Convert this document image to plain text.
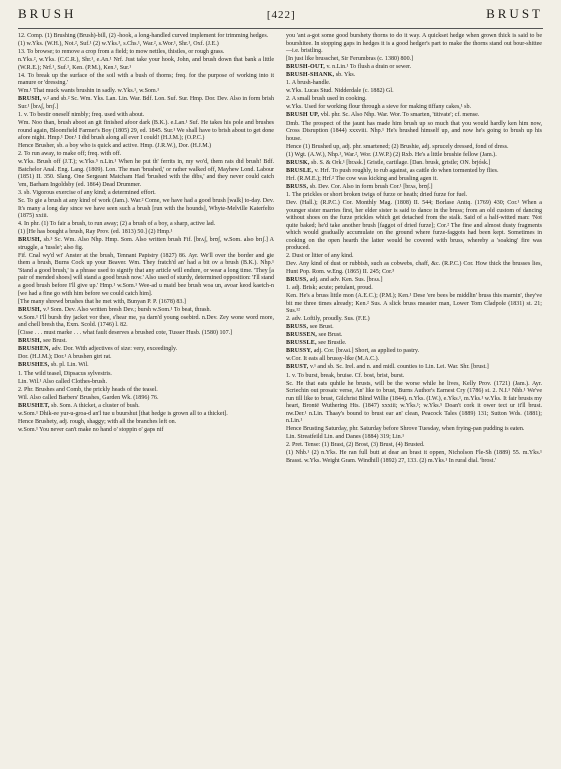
BRUSH	[422]	BRUST

12. Comp. (1) Brushing (Brush)-bill, (2) -hook, a long-handled curved implement for trimming hedges.

(1) w.Yks. (W.H.), Not.², Suf.¹ (2) w.Yks.³, s.Chs.¹, War.², s.Wor.¹, Shr.¹, Oxf. (J.E.)

13. To browse; to remove a crop from a field; to mow nettles, thistles, or rough grass.

n.Yks.², w.Yks. (C.C.R.), Shr.¹, e.An.¹ Nrf. Just take your hook, John, and brush down that bank a little (W.R.E.); Nrf.¹, Suf.¹, Ken. (P.M.), Ken.¹, Sur.¹

14. To break up the surface of the soil with a bush of thorns; freq. for the purpose of working into it manure or 'dressing.'

Wm.¹ That muck wants brushin in sadly. w.Yks.¹, w.Som.¹

BRUSH, v.² and sb.² Sc. Wm. Yks. Lan. Lin. War. Bdf. Lon. Suf. Sur. Hmp. Dor. Dev. Also in form brish Sur.¹ [brʌʃ, brɪʃ.]

1. v. To bestir oneself nimbly; freq. used with about.

Wm. Noo than, brush aboot an git finished afoor dark (B.K.). e.Lan.¹ Suf. He takes his pole and brushes round again, Bloomfield Farmer's Boy (1805) 29, ed. 1845. Sur.¹ We shall have to brish about to get done afore night. Hmp.¹ Dor.¹ I did brush along all ever I could! (H.J.M.); (O.P.C.)

Hence Brusher, sb. a boy who is quick and active. Hmp. (J.R.W.), Dor. (H.J.M.)

2. To run away, to make off; freq. with off.

w.Yks. Brush off (J.T.); w.Yks.⁵ n.Lin.¹ When he put th' ferrits in, my wo'd, them rats did brush! Bdf. Batchelor Anal. Eng. Lang. (1809). Lon. The man 'brushed,' or rather walked off, Mayhew Lond. Labour (1851) II. 350. Slang. One Sergeant Matcham Had 'brushed with the dibs,' and they never could catch 'em, Barham Ingoldsby (ed. 1864) Dead Drummer.

3. sb. Vigorous exercise of any kind; a determined effort.

Sc. To gie a brush at any kind of work (Jam.). War.² Come, we have had a good brush [walk] to-day. Dev. It's many a long day since we have seen such a brush [run with the hounds], Whyte-Melville Katerfelto (1875) xxiii.

4. In phr. (1) To fair a brush, to run away; (2) a brush of a boy, a sharp, active lad.

(1) [He has bought a brush, Ray Prov. (ed. 1813) 50.] (2) Hmp.¹

BRUSH, sb.³ Sc. Wm. Also Nhp. Hmp. Som. Also written brush Fif. [brʌʃ, brʊʃ, w.Som. also brɪʃ.] A struggle, a 'tussle'; also fig.

Fif. Cnal wy'd wi' Anster at the brush, Tennant Papistry (1827) 86. Ayr. We'll over the border and gie them a brush, Burns Cock up your Beaver. Wm. They fratch'd an' had a bit ov a brush (B.K.). Nhp.¹ 'Stand a good brush,' is a phrase used to signify that any article will endure, or wear a long time. 'They [a pair of mended shoes] will stand a good brush now.' Also used of sturdy, determined opposition: 'I'll stand a good brush before I'll give up.' Hmp.¹ w.Som.¹ Wee-ad u maid bee brush woa un, avoar keod kaetch-n [we had a fine go with him before we could catch him].

[The many shrewd brushes that he met with, Bunyan P. P. (1678) 83.]

BRUSH, v.³ Som. Dev. Also written bresh Dev.; bursh w.Som.¹ To beat, thrash.

w.Som.¹ I'll bursh thy jacket vor thee, s'hear me, ya darn'd young osebird. n.Dev. Zey wone word more, and chell bresh tha, Exm. Scold. (1746) l. 82.

[Cisse . . . must marke . . . what fault deserves a brushed cote, Tusser Husb. (1580) 107.]

BRUSH, see Brust.

BRUSHEN, adv. Dor. With adjectives of size: very, exceedingly.

Dor. (H.J.M.); Dor.¹ A brushen girt rat.

BRUSHES, sb. pl. Lin. Wil.

1. The wild teasel, Dipsacus sylvestris.

Lin. Wil.¹ Also called Clothes-brush.

2. Phr. Brushes and Comb, the prickly heads of the teasel.

Wil. Also called Barbers' Brushes, Garden Wk. (1896) 76.

BRUSHET, sb. Som. A thicket, a cluster of bush.

w.Som.¹ Dhik-ee yur-u-groa-d an'l tue u buurshut [that hedge is grown all to a thicket].

Hence Brushety, adj. rough, shaggy; with all the branches left on.

w.Som.¹ You never can't make no hand o' stoppin o' gaps nif

you 'ant a-got some good burshety thorns to do it way. A quickset hedge when grown thick is said to be bourshitee. In stopping gaps in hedges it is a good hedger's part to make the thorns stand out bour-shittee—i.e. bristling.

[In just like brusschet, Sir Ferumbras (c. 1380) 800.]

BRUSH-OUT, v. n.Lin.¹ To flush a drain or sewer.

BRUSH-SHANK, sb. Yks.

1. A brush-handle.

w.Yks. Lucas Stud. Nidderdale (c. 1882) Gl.

2. A small brush used in cooking.

w.Yks. Used for working flour through a sieve for making tiffany cakes,¹ sb.

BRUSH UP, vbl. phr. Sc. Also Nhp. War. Wor. To smarten, 'titivate'; cf. mense.

Dmb. The prospect of the jaunt has made him brush up so much that you would hardly ken him now, Cross Disruption (1844) xxxviii. Nhp.¹ He's brushed himself up, and now he's going to brush up his house.

Hence (1) Brushed up, adj. phr. smartened; (2) Brushie, adj. sprucely dressed, fond of dress.

(1) Wgt. (A.W.), Nhp.¹, War.², Wor. (J.W.P.) (2) Rxb. He's a little brushie fellow (Jam.).

BRUSK, sb. S. & Ork.¹ [brʌsk.] Gristle, cartilage. [Dan. brusk, gristle; ON. brjósk.]

BRUSLE, v. Hrf. To push roughly, to rub against, as cattle do when tormented by flies.

Hrf. (R.M.E.); Hrf.² The cow was kicking and brusling agen it.

BRUSS, sb. Dev. Cor. Also in form brush Cor.¹ [brʌs, brʊʃ.]

1. The prickles or short broken twigs of furze or heath; dried furze for fuel.

Dev. (Hall.); (R.P.C.) Cor. Monthly Mag. (1808) II. 544; Borlase Antiq. (1769) 430; Cor.¹ When a younger sister marries first, her elder sister is said to dance in the bruss; from an old custom of dancing without shoes on the furze prickles which get detached from the stalk. Said of a half-witted man: 'Not quite baked; he'd take another brush [faggot of dried furze]; Cor.² The fine and almost dusty fragments which would gradually accumulate on the ground where furze-faggots had been kept. Sometimes in cooking on the open hearth the latter would be covered with bruss, whereby a 'soaking' fire was produced.

2. Dust or litter of any kind.

Dev. Any kind of dust or rubbish, such as cobwebs, chaff, &c. (R.P.C.) Cor. How thick the brusses lies, Hunt Pop. Rom. w.Eng. (1865) II. 245; Cor.³

BRUSS, adj. and adv. Ken. Sus. [brʌs.]

1. adj. Brisk; acute; petulant, proud.

Ken. He's a bruss little mon (A.E.C.); (P.M.); Ken.¹ Dese 'ere bees be middlin' bruss this marnin', they've bit me three times already; Ken.² Sus. A slick bruss measter man, Lower Tom Cladpole (1831) st. 21; Sus.¹²

2. adv. Loftily, proudly. Sus. (F.E.)

BRUSS, see Brust.

BRUSSEN, see Brust.

BRUSSLE, see Brustle.

BRUSSY, adj. Cor. [brʌsi.] Short, as applied to pastry.

w.Cor. It eats all brussy-like (M.A.C.).

BRUST, v.¹ and sb. Sc. Irel. and n. and midl. counties to Lin. Lei. War. Shr. [brust.]

1. v. To burst, break, bruise. Cf. bost, brist, burst.

Sc. He that eats quhile he brusts, will be the worse while he lives, Kelly Prov. (1721) (Jam.). Ayr. Scriechin out prosaic verse, An' like to brust, Burns Author's Earnest Cry (1786) st. 2. N.I.¹ Nhb.¹ We've run till like to brust, Gilchrist Blind Willie (1844). n.Yks. (I.W.), e.Yks.¹, m.Yks.¹ w.Yks. It fair brusts my heart, Brontë Wuthering Hts. (1847) xxxiii; w.Yks.¹; w.Yks.⁵ Doan't cork it ower tect ur it'll brust. nw.Der.¹ n.Lin. Thaay's bound to brust ear an' clean, Peacock Tales (1889) 131; Sutton Wds. (1881); n.Lin.¹

Hence Brusting Saturday, phr. Saturday before Shrove Tuesday, when frying-pan pudding is eaten.

Lin. Streatfeild Lin. and Danes (1884) 319; Lin.¹

2. Pret. Tense: (1) Brast, (2) Brost, (3) Brust, (4) Brusted.

(1) Nhb.¹ (2) n.Yks. He ran full butt at dear an brast it oppen, Nicholson Fle-Sh (1889) 55. m.Yks.¹ Brasst. w.Yks. Weight Gram. Windhill (1892) 27, 133. (2) m.Yks.¹ In rural dial. 'brost.'
